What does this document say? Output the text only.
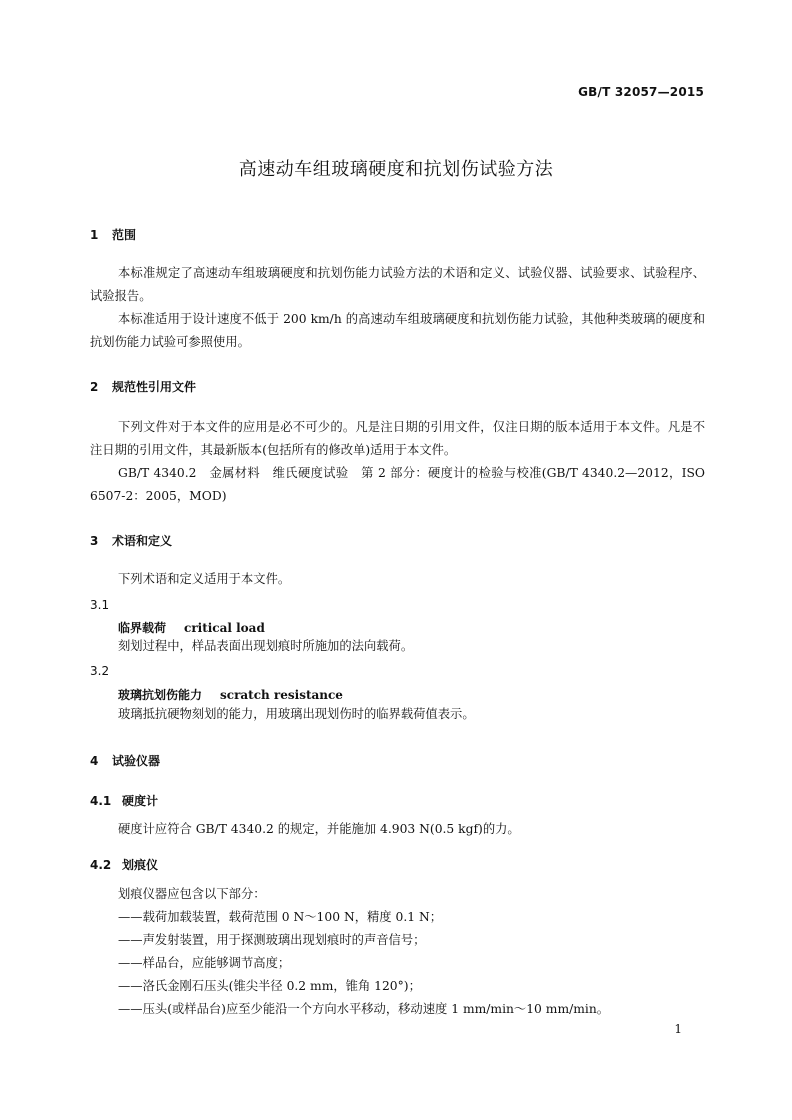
GB/T 32057—2015
高速动车组玻璃硬度和抗划伤试验方法
1 范围

本标准规定了高速动车组玻璃硬度和抗划伤能力试验方法的术语和定义、试验仪器、试验要求、试验程序、试验报告。

本标准适用于设计速度不低于 200 km/h 的高速动车组玻璃硬度和抗划伤能力试验，其他种类玻璃的硬度和抗划伤能力试验可参照使用。

2 规范性引用文件

下列文件对于本文件的应用是必不可少的。凡是注日期的引用文件，仅注日期的版本适用于本文件。凡是不注日期的引用文件，其最新版本(包括所有的修改单)适用于本文件。

GB/T 4340.2　金属材料　维氏硬度试验　第 2 部分：硬度计的检验与校准(GB/T 4340.2—2012，ISO 6507-2：2005，MOD)

3 术语和定义

下列术语和定义适用于本文件。

3.1
临界载荷 critical load

刻划过程中，样品表面出现划痕时所施加的法向载荷。

3.2
玻璃抗划伤能力 scratch resistance

玻璃抵抗硬物刻划的能力，用玻璃出现划伤时的临界载荷值表示。

4 试验仪器
4.1 硬度计

硬度计应符合 GB/T 4340.2 的规定，并能施加 4.903 N(0.5 kgf)的力。

4.2 划痕仪

划痕仪器应包含以下部分：

——载荷加载装置，载荷范围 0 N～100 N，精度 0.1 N；
——声发射装置，用于探测玻璃出现划痕时的声音信号；
——样品台，应能够调节高度；
——洛氏金刚石压头(锥尖半径 0.2 mm，锥角 120°)；
——压头(或样品台)应至少能沿一个方向水平移动，移动速度 1 mm/min～10 mm/min。
1
